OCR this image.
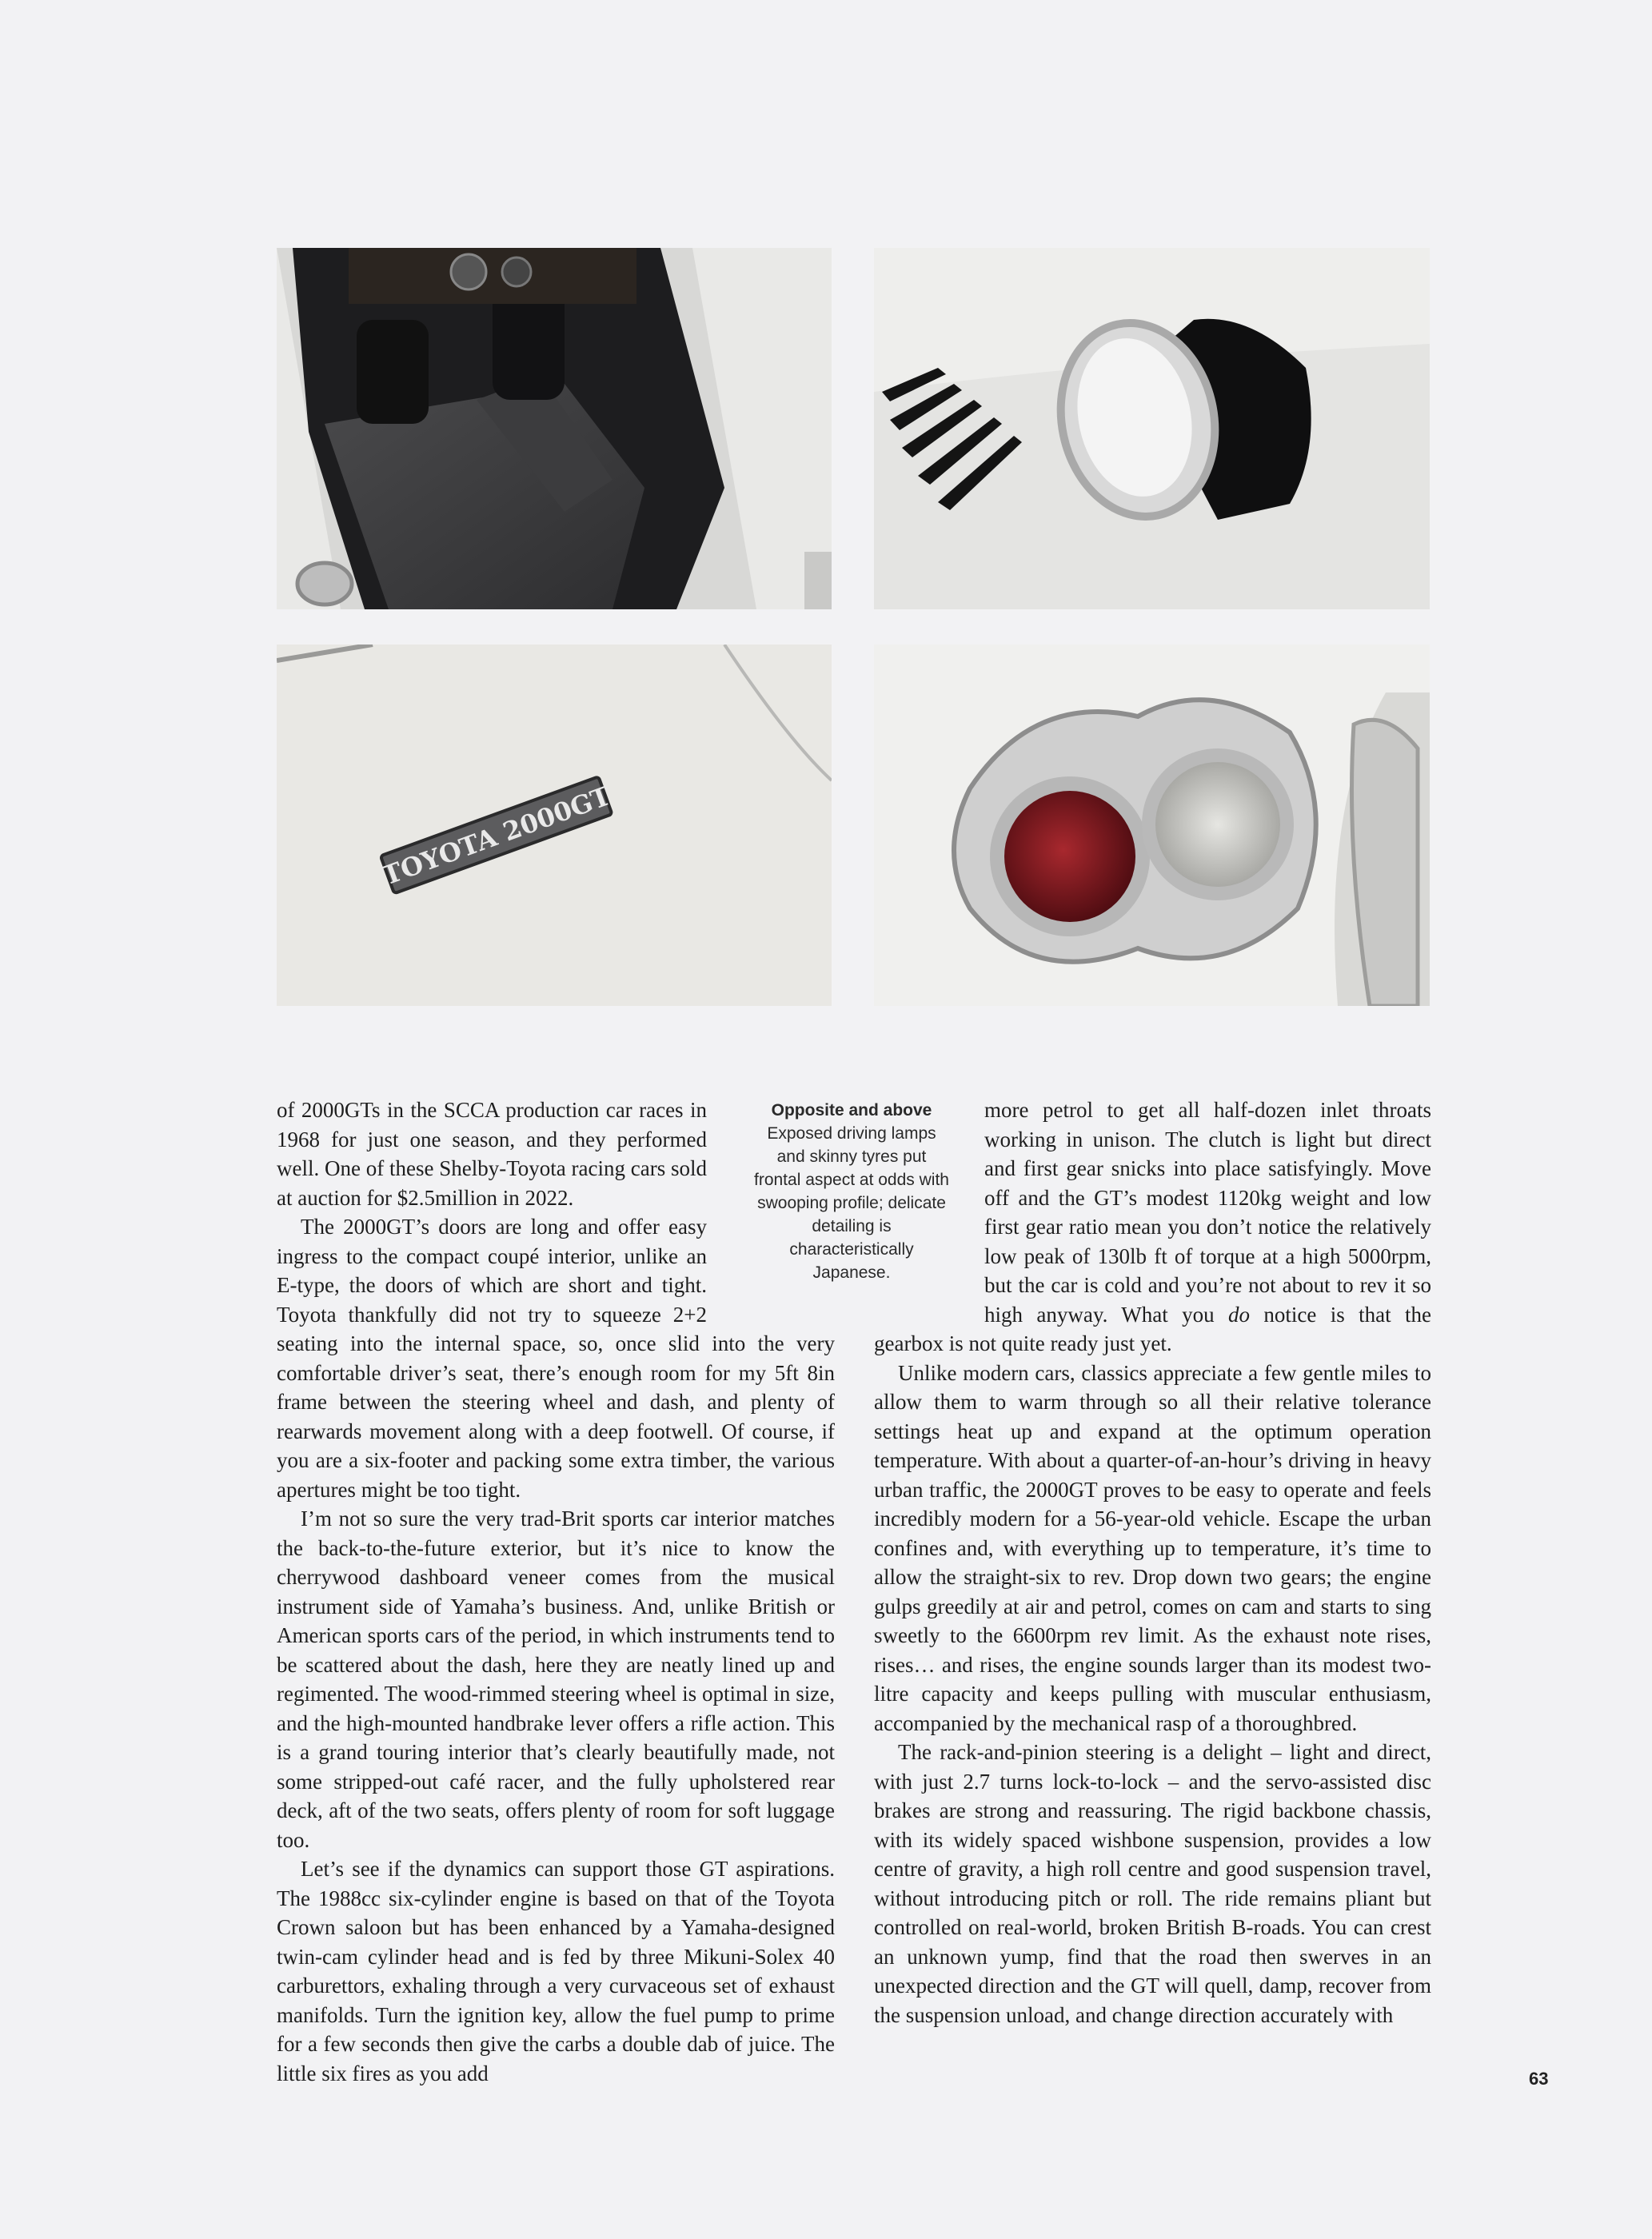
TOYOTA 2000GT

of 2000GTs in the SCCA production car races in 1968 for just one season, and they performed well. One of these Shelby-Toyota racing cars sold at auction for $2.5million in 2022.

The 2000GT’s doors are long and offer easy ingress to the compact coupé interior, unlike an E-type, the doors of which are short and tight. Toyota thankfully did not try to squeeze 2+2 seating into the internal space, so, once slid into the very comfortable driver’s seat, there’s enough room for my 5ft 8in frame between the steering wheel and dash, and plenty of rearwards movement along with a deep footwell. Of course, if you are a six-footer and packing some extra timber, the various apertures might be too tight.

I’m not so sure the very trad-Brit sports car interior matches the back-to-the-future exterior, but it’s nice to know the cherrywood dashboard veneer comes from the musical instrument side of Yamaha’s business. And, unlike British or American sports cars of the period, in which instruments tend to be scattered about the dash, here they are neatly lined up and regimented. The wood-rimmed steering wheel is optimal in size, and the high-mounted handbrake lever offers a rifle action. This is a grand touring interior that’s clearly beautifully made, not some stripped-out café racer, and the fully upholstered rear deck, aft of the two seats, offers plenty of room for soft luggage too.

Let’s see if the dynamics can support those GT aspirations. The 1988cc six-cylinder engine is based on that of the Toyota Crown saloon but has been enhanced by a Yamaha-designed twin-cam cylinder head and is fed by three Mikuni-Solex 40 carburettors, exhaling through a very curvaceous set of exhaust manifolds. Turn the ignition key, allow the fuel pump to prime for a few seconds then give the carbs a double dab of juice. The little six fires as you add

Opposite and above
Exposed driving lamps and skinny tyres put frontal aspect at odds with swooping profile; delicate detailing is characteristically Japanese.

more petrol to get all half-dozen inlet throats working in unison. The clutch is light but direct and first gear snicks into place satisfyingly. Move off and the GT’s modest 1120kg weight and low first gear ratio mean you don’t notice the relatively low peak of 130lb ft of torque at a high 5000rpm, but the car is cold and you’re not about to rev it so high anyway. What you do notice is that the gearbox is not quite ready just yet.

Unlike modern cars, classics appreciate a few gentle miles to allow them to warm through so all their relative tolerance settings heat up and expand at the optimum operation temperature. With about a quarter-of-an-hour’s driving in heavy urban traffic, the 2000GT proves to be easy to operate and feels incredibly modern for a 56-year-old vehicle. Escape the urban confines and, with everything up to temperature, it’s time to allow the straight-six to rev. Drop down two gears; the engine gulps greedily at air and petrol, comes on cam and starts to sing sweetly to the 6600rpm rev limit. As the exhaust note rises, rises… and rises, the engine sounds larger than its modest two-litre capacity and keeps pulling with muscular enthusiasm, accompanied by the mechanical rasp of a thoroughbred.

The rack-and-pinion steering is a delight – light and direct, with just 2.7 turns lock-to-lock – and the servo-assisted disc brakes are strong and reassuring. The rigid backbone chassis, with its widely spaced wishbone suspension, provides a low centre of gravity, a high roll centre and good suspension travel, without introducing pitch or roll. The ride remains pliant but controlled on real-world, broken British B-roads. You can crest an unknown yump, find that the road then swerves in an unexpected direction and the GT will quell, damp, recover from the suspension unload, and change direction accurately with

63
